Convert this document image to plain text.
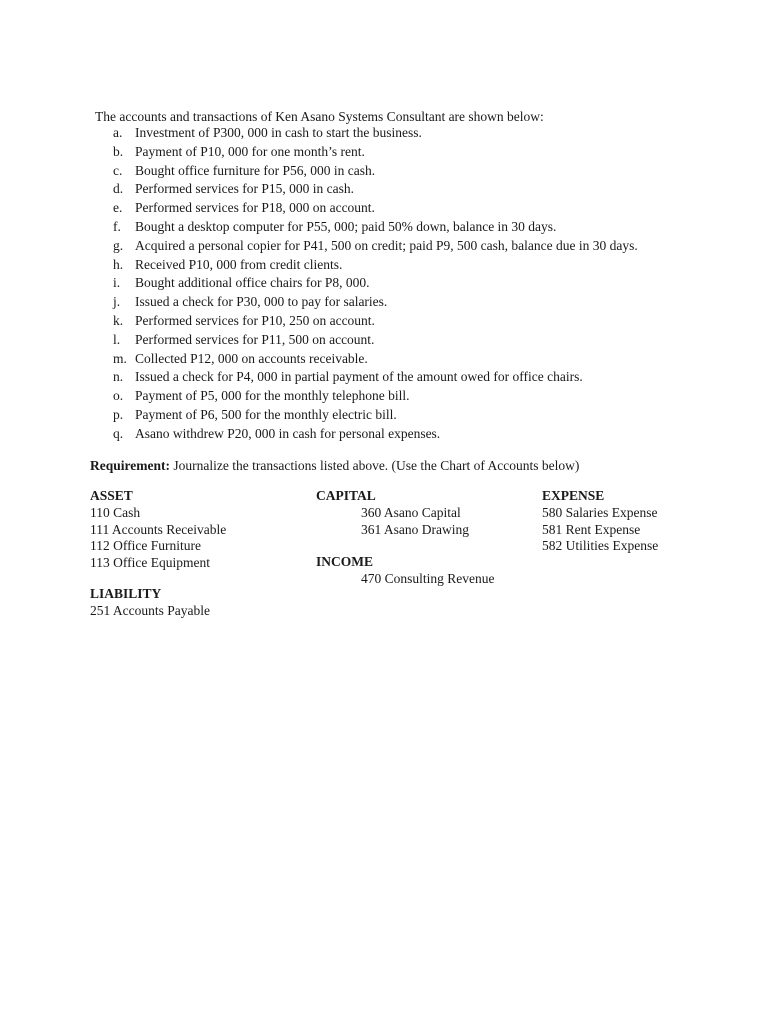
The accounts and transactions of Ken Asano Systems Consultant are shown below:
a. Investment of P300, 000 in cash to start the business.
b. Payment of P10, 000 for one month’s rent.
c. Bought office furniture for P56, 000 in cash.
d. Performed services for P15, 000 in cash.
e. Performed services for P18, 000 on account.
f.	Bought a desktop computer for P55, 000; paid 50% down, balance in 30 days.
g. Acquired a personal copier for P41, 500 on credit; paid P9, 500 cash, balance due in 30 days.
h. Received P10, 000 from credit clients.
i.	Bought additional office chairs for P8, 000.
j.	Issued a check for P30, 000 to pay for salaries.
k. Performed services for P10, 250 on account.
l.	Performed services for P11, 500 on account.
m. Collected P12, 000 on accounts receivable.
n. Issued a check for P4, 000 in partial payment of the amount owed for office chairs.
o. Payment of P5, 000 for the monthly telephone bill.
p. Payment of P6, 500 for the monthly electric bill.
q. Asano withdrew P20, 000 in cash for personal expenses.
Requirement: Journalize the transactions listed above. (Use the Chart of Accounts below)
ASSET
110 Cash
111 Accounts Receivable
112 Office Furniture
113 Office Equipment
LIABILITY
251 Accounts Payable
CAPITAL
360 Asano Capital
361 Asano Drawing
INCOME
470 Consulting Revenue
EXPENSE
580 Salaries Expense
581 Rent Expense
582 Utilities Expense
